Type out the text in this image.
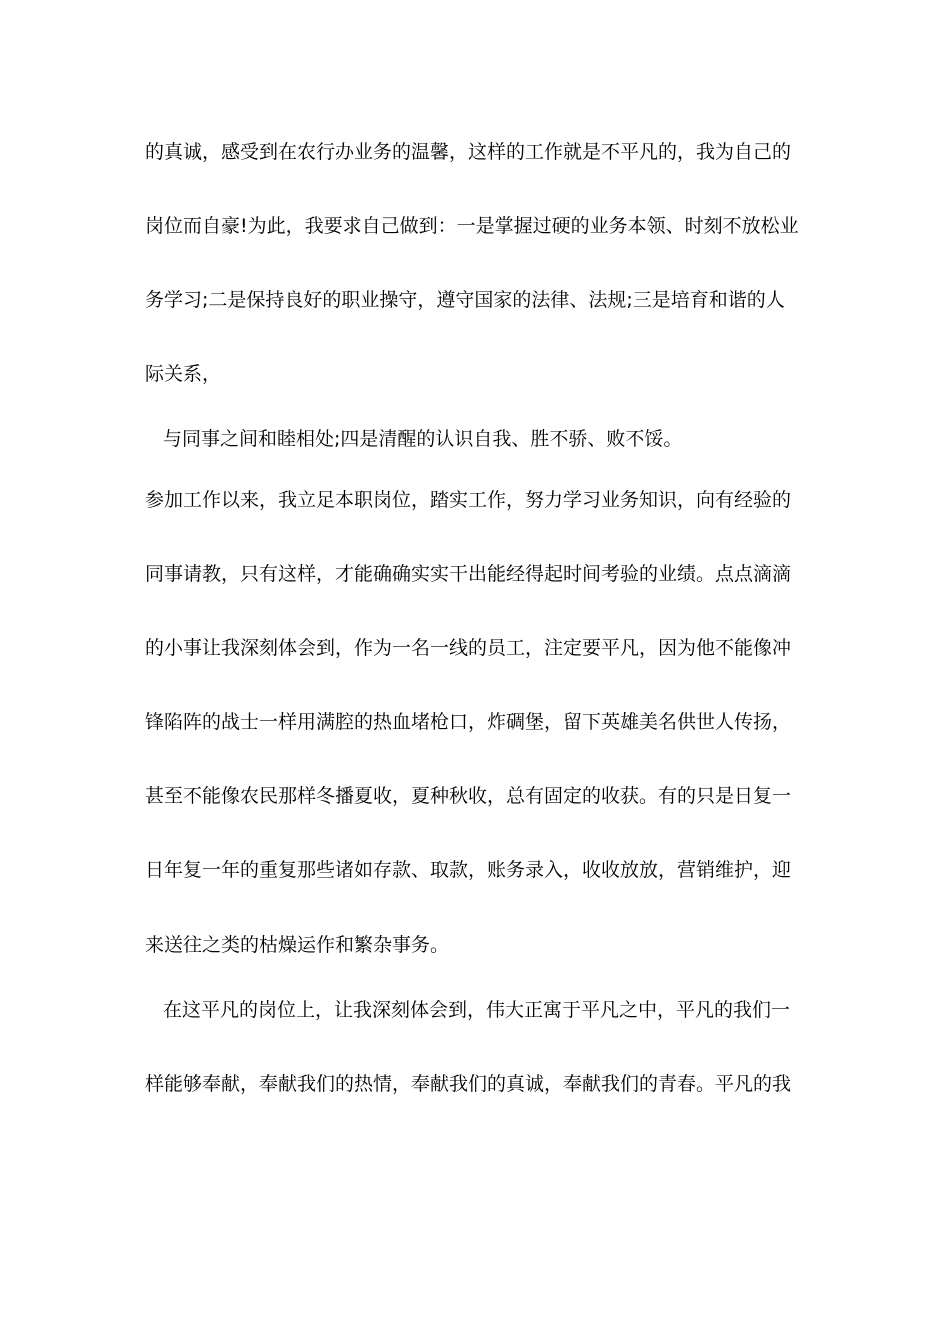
的真诚，感受到在农行办业务的温馨，这样的工作就是不平凡的，我为自己的
岗位而自豪!为此，我要求自己做到：一是掌握过硬的业务本领、时刻不放松业
务学习;二是保持良好的职业操守，遵守国家的法律、法规;三是培育和谐的人
际关系，
与同事之间和睦相处;四是清醒的认识自我、胜不骄、败不馁。
参加工作以来，我立足本职岗位，踏实工作，努力学习业务知识，向有经验的
同事请教，只有这样，才能确确实实干出能经得起时间考验的业绩。点点滴滴
的小事让我深刻体会到，作为一名一线的员工，注定要平凡，因为他不能像冲
锋陷阵的战士一样用满腔的热血堵枪口，炸碉堡，留下英雄美名供世人传扬，
甚至不能像农民那样冬播夏收，夏种秋收，总有固定的收获。有的只是日复一
日年复一年的重复那些诸如存款、取款，账务录入，收收放放，营销维护，迎
来送往之类的枯燥运作和繁杂事务。
在这平凡的岗位上，让我深刻体会到，伟大正寓于平凡之中，平凡的我们一
样能够奉献，奉献我们的热情，奉献我们的真诚，奉献我们的青春。平凡的我
